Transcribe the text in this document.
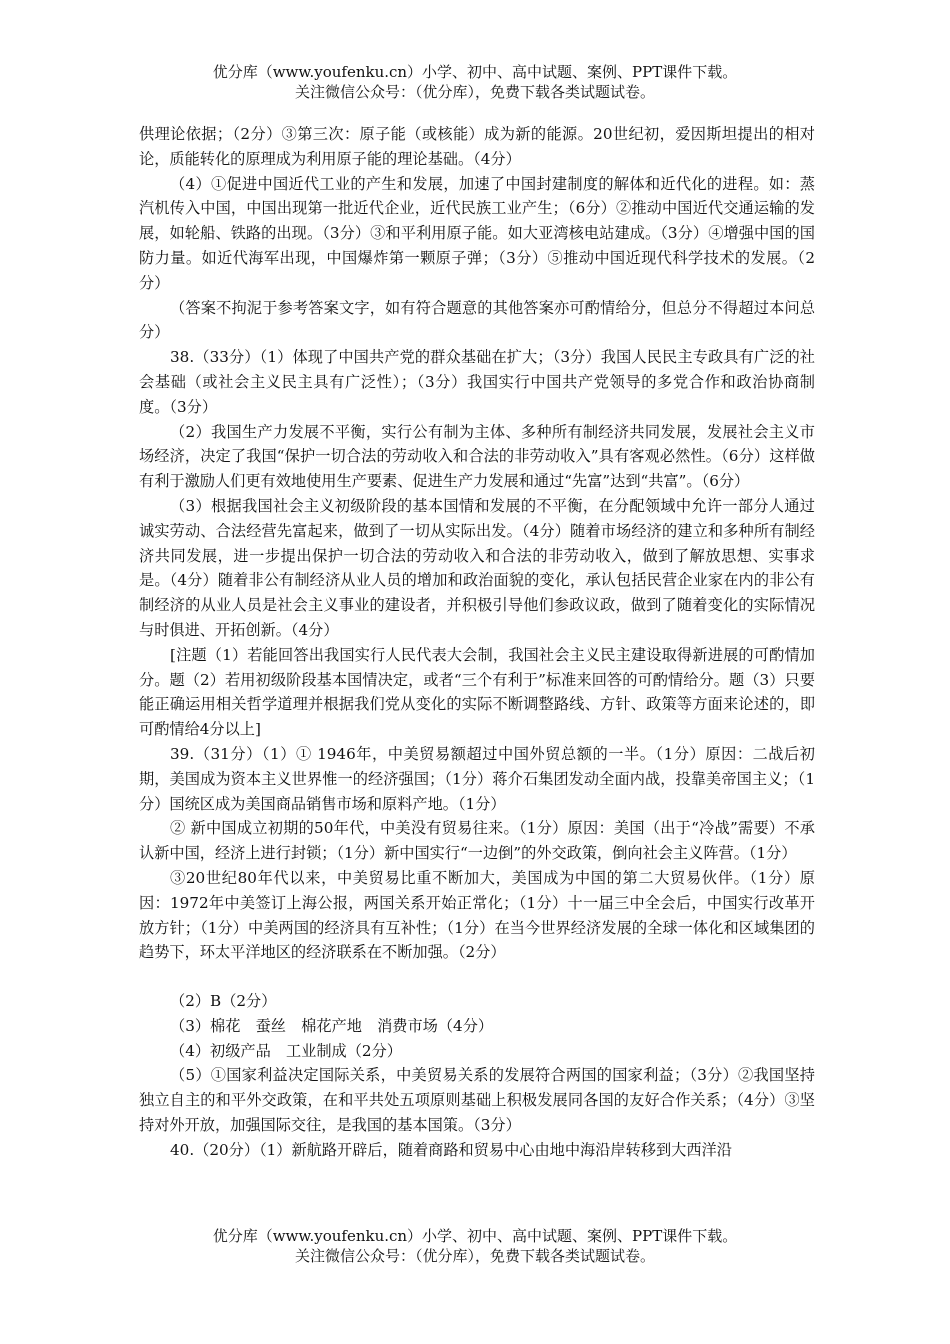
优分库（www.youfenku.cn）小学、初中、高中试题、案例、PPT课件下载。
关注微信公众号：（优分库），免费下载各类试题试卷。

供理论依据；（2分）③第三次：原子能（或核能）成为新的能源。20世纪初，爱因斯坦提出的相对论，质能转化的原理成为利用原子能的理论基础。（4分）

（4）①促进中国近代工业的产生和发展，加速了中国封建制度的解体和近代化的进程。如：蒸汽机传入中国，中国出现第一批近代企业，近代民族工业产生；（6分）②推动中国近代交通运输的发展，如轮船、铁路的出现。（3分）③和平利用原子能。如大亚湾核电站建成。（3分）④增强中国的国防力量。如近代海军出现，中国爆炸第一颗原子弹；（3分）⑤推动中国近现代科学技术的发展。（2分）

（答案不拘泥于参考答案文字，如有符合题意的其他答案亦可酌情给分，但总分不得超过本问总分）

38.（33分）（1）体现了中国共产党的群众基础在扩大；（3分）我国人民民主专政具有广泛的社会基础（或社会主义民主具有广泛性）；（3分）我国实行中国共产党领导的多党合作和政治协商制度。（3分）

（2）我国生产力发展不平衡，实行公有制为主体、多种所有制经济共同发展，发展社会主义市场经济，决定了我国“保护一切合法的劳动收入和合法的非劳动收入”具有客观必然性。（6分）这样做有利于激励人们更有效地使用生产要素、促进生产力发展和通过“先富”达到“共富”。（6分）

（3）根据我国社会主义初级阶段的基本国情和发展的不平衡，在分配领域中允许一部分人通过诚实劳动、合法经营先富起来，做到了一切从实际出发。（4分）随着市场经济的建立和多种所有制经济共同发展，进一步提出保护一切合法的劳动收入和合法的非劳动收入，做到了解放思想、实事求是。（4分）随着非公有制经济从业人员的增加和政治面貌的变化，承认包括民营企业家在内的非公有制经济的从业人员是社会主义事业的建设者，并积极引导他们参政议政，做到了随着变化的实际情况与时俱进、开拓创新。（4分）

[注题（1）若能回答出我国实行人民代表大会制，我国社会主义民主建设取得新进展的可酌情加分。题（2）若用初级阶段基本国情决定，或者“三个有利于”标准来回答的可酌情给分。题（3）只要能正确运用相关哲学道理并根据我们党从变化的实际不断调整路线、方针、政策等方面来论述的，即可酌情给4分以上]

39.（31分）（1）① 1946年，中美贸易额超过中国外贸总额的一半。（1分）原因：二战后初期，美国成为资本主义世界惟一的经济强国；（1分）蒋介石集团发动全面内战，投靠美帝国主义；（1分）国统区成为美国商品销售市场和原料产地。（1分）

② 新中国成立初期的50年代，中美没有贸易往来。（1分）原因：美国（出于“冷战”需要）不承认新中国，经济上进行封锁；（1分）新中国实行“一边倒”的外交政策，倒向社会主义阵营。（1分）

③20世纪80年代以来，中美贸易比重不断加大，美国成为中国的第二大贸易伙伴。（1分）原因：1972年中美签订上海公报，两国关系开始正常化；（1分）十一届三中全会后，中国实行改革开放方针；（1分）中美两国的经济具有互补性；（1分）在当今世界经济发展的全球一体化和区域集团的趋势下，环太平洋地区的经济联系在不断加强。（2分）

（2）B（2分）

（3）棉花　蚕丝　棉花产地　消费市场（4分）

（4）初级产品　工业制成（2分）

（5）①国家利益决定国际关系，中美贸易关系的发展符合两国的国家利益；（3分）②我国坚持独立自主的和平外交政策，在和平共处五项原则基础上积极发展同各国的友好合作关系；（4分）③坚持对外开放，加强国际交往，是我国的基本国策。（3分）

40.（20分）（1）新航路开辟后，随着商路和贸易中心由地中海沿岸转移到大西洋沿

优分库（www.youfenku.cn）小学、初中、高中试题、案例、PPT课件下载。
关注微信公众号：（优分库），免费下载各类试题试卷。
